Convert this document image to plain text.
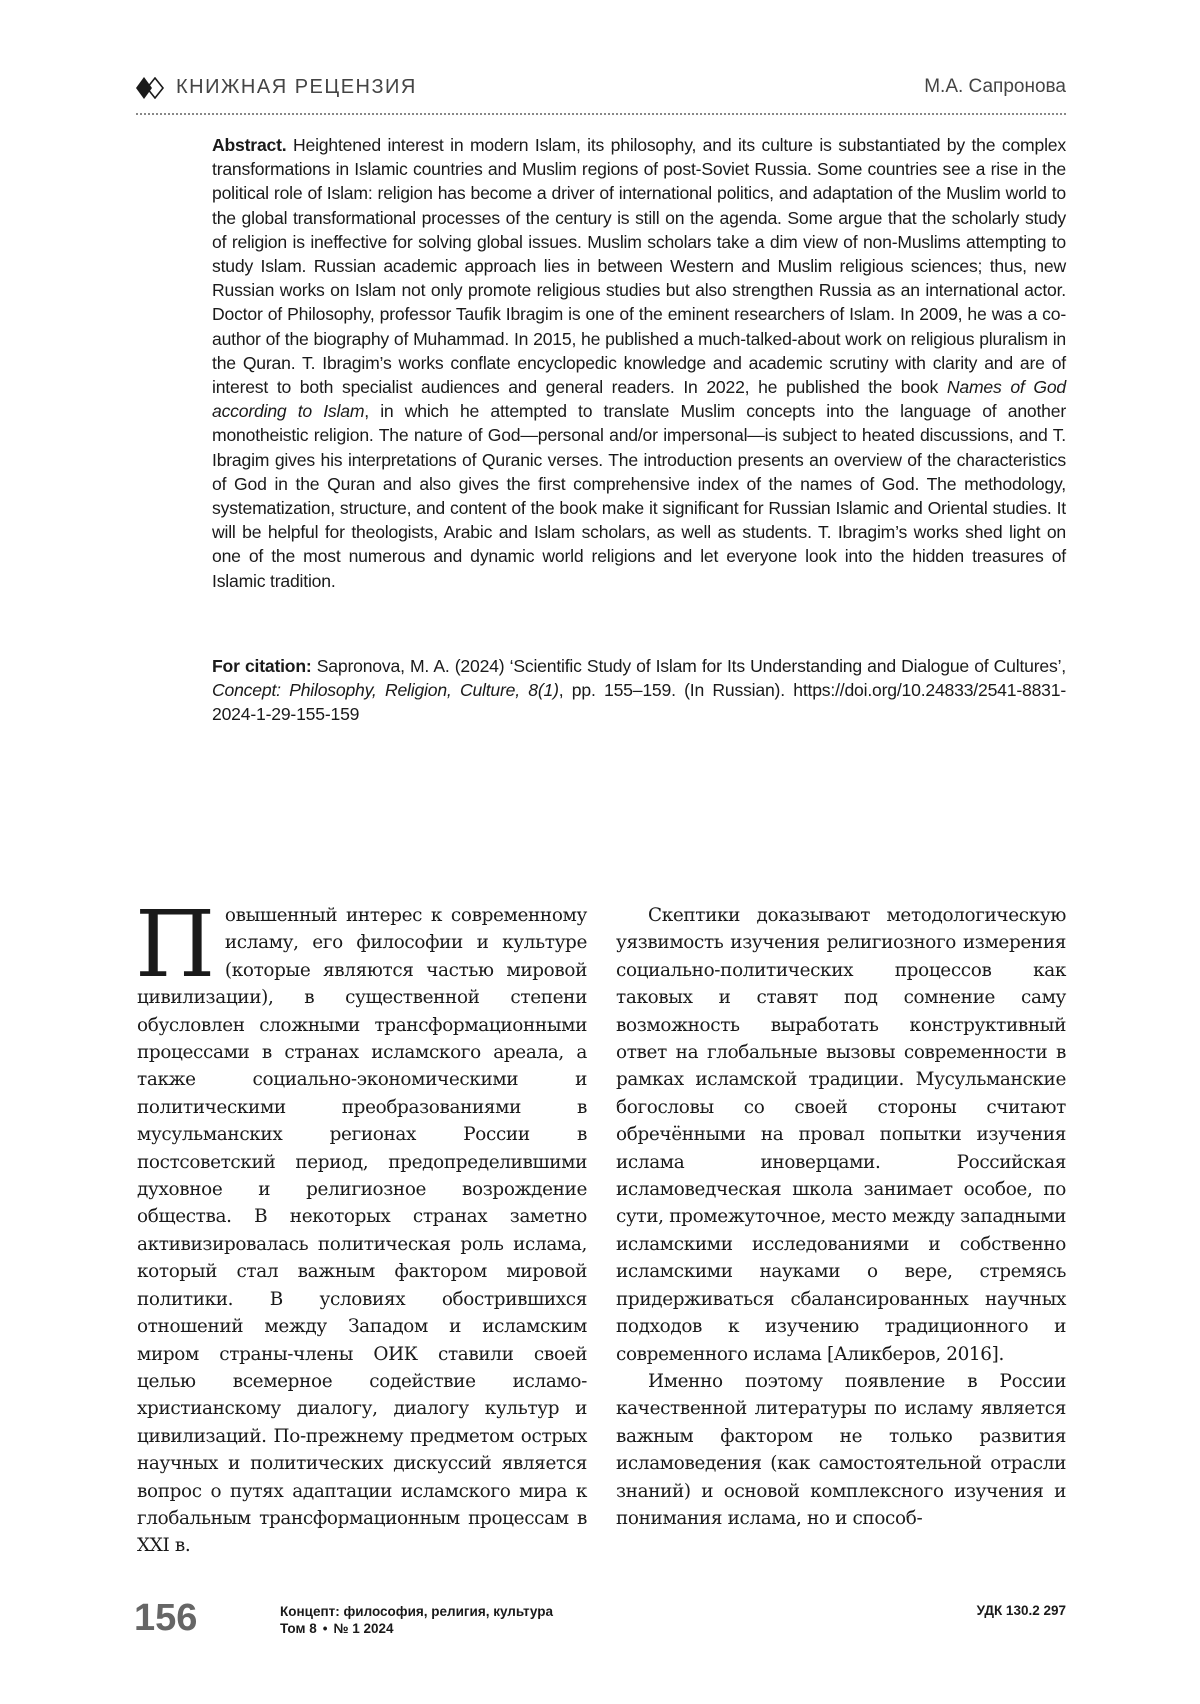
КНИЖНАЯ РЕЦЕНЗИЯ	М.А. Сапронова

Abstract. Heightened interest in modern Islam, its philosophy, and its culture is substantiated by the complex transformations in Islamic countries and Muslim regions of post-Soviet Russia. Some countries see a rise in the political role of Islam: religion has become a driver of international politics, and adaptation of the Muslim world to the global transformational processes of the century is still on the agenda. Some argue that the scholarly study of religion is ineffective for solving global issues. Muslim scholars take a dim view of non-Muslims attempting to study Islam. Russian academic approach lies in between Western and Muslim religious sciences; thus, new Russian works on Islam not only promote religious studies but also strengthen Russia as an international actor. Doctor of Philosophy, professor Taufik Ibragim is one of the eminent researchers of Islam. In 2009, he was a co-author of the biography of Muhammad. In 2015, he published a much-talked-about work on religious pluralism in the Quran. T. Ibragim’s works conflate encyclopedic knowledge and academic scrutiny with clarity and are of interest to both specialist audiences and general readers. In 2022, he published the book Names of God according to Islam, in which he attempted to translate Muslim concepts into the language of another monotheistic religion. The nature of God—personal and/or impersonal—is subject to heated discussions, and T. Ibragim gives his interpretations of Quranic verses. The introduction presents an overview of the characteristics of God in the Quran and also gives the first comprehensive index of the names of God. The methodology, systematization, structure, and content of the book make it significant for Russian Islamic and Oriental studies. It will be helpful for theologists, Arabic and Islam scholars, as well as students. T. Ibragim’s works shed light on one of the most numerous and dynamic world religions and let everyone look into the hidden treasures of Islamic tradition.

For citation: Sapronova, M. A. (2024) ‘Scientific Study of Islam for Its Understanding and Dialogue of Cultures’, Concept: Philosophy, Religion, Culture, 8(1), pp. 155–159. (In Russian). https://doi.org/10.24833/2541-8831-2024-1-29-155-159

Повышенный интерес к современному исламу, его философии и культуре (которые являются частью мировой цивилизации), в существенной степени обусловлен сложными трансформационными процессами в странах исламского ареала, а также социально-экономическими и политическими преобразованиями в мусульманских регионах России в постсоветский период, предопределившими духовное и религиозное возрождение общества. В некоторых странах заметно активизировалась политическая роль ислама, который стал важным фактором мировой политики. В условиях обострившихся отношений между Западом и исламским миром страны-члены ОИК ставили своей целью всемерное содействие исламо-христианскому диалогу, диалогу культур и цивилизаций. По-прежнему предметом острых научных и политических дискуссий является вопрос о путях адаптации исламского мира к глобальным трансформационным процессам в XXI в.

Скептики доказывают методологическую уязвимость изучения религиозного измерения социально-политических процессов как таковых и ставят под сомнение саму возможность выработать конструктивный ответ на глобальные вызовы современности в рамках исламской традиции. Мусульманские богословы со своей стороны считают обречёнными на провал попытки изучения ислама иноверцами. Российская исламоведческая школа занимает особое, по сути, промежуточное, место между западными исламскими исследованиями и собственно исламскими науками о вере, стремясь придерживаться сбалансированных научных подходов к изучению традиционного и современного ислама [Аликберов, 2016].

Именно поэтому появление в России качественной литературы по исламу является важным фактором не только развития исламоведения (как самостоятельной отрасли знаний) и основой комплексного изучения и понимания ислама, но и способ-

156	Концепт: философия, религия, культура
Том 8 • № 1 2024
УДК 130.2 297
